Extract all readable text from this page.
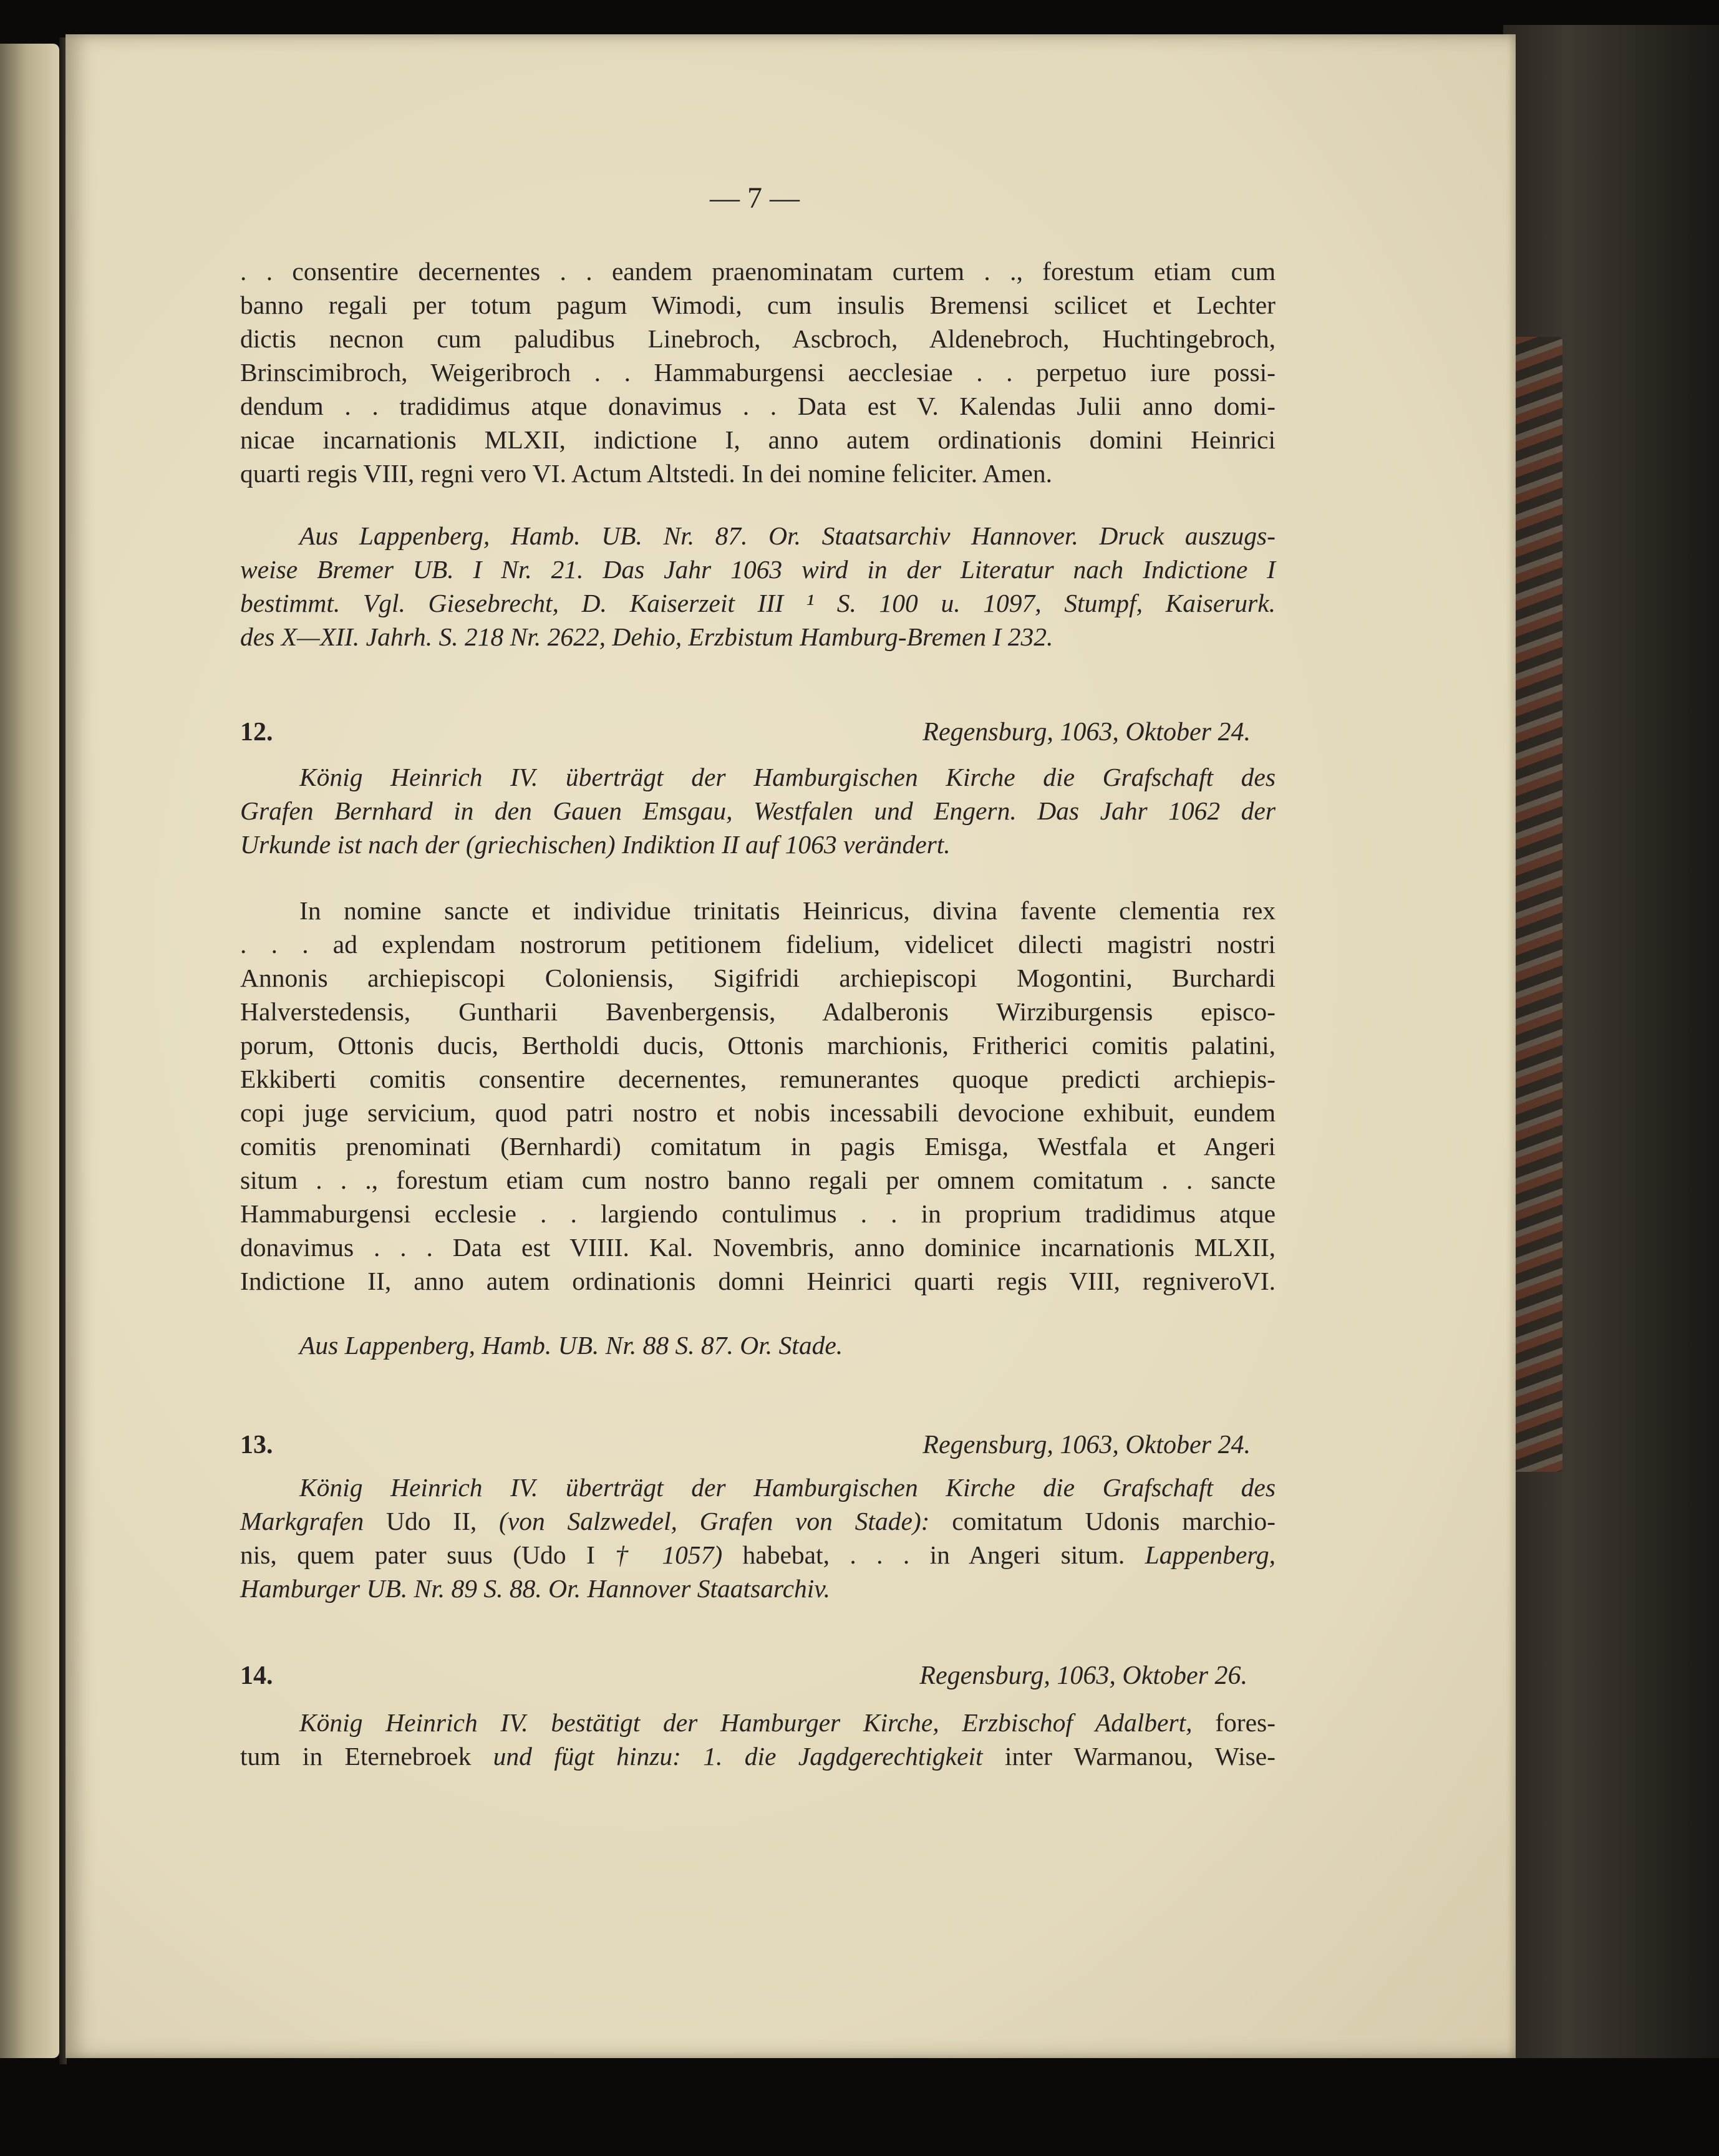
— 7 —

. . consentire decernentes . . eandem praenominatam curtem . ., forestum etiam cum
banno regali per totum pagum Wimodi, cum insulis Bremensi scilicet et Lechter
dictis necnon cum paludibus Linebroch, Ascbroch, Aldenebroch, Huchtingebroch,
Brinscimibroch, Weigeribroch . . Hammaburgensi aecclesiae . . perpetuo iure possi-
dendum . . tradidimus atque donavimus . . Data est V. Kalendas Julii anno domi-
nicae incarnationis MLXII, indictione I, anno autem ordinationis domini Heinrici
quarti regis VIII, regni vero VI. Actum Altstedi. In dei nomine feliciter. Amen.

Aus Lappenberg, Hamb. UB. Nr. 87. Or. Staatsarchiv Hannover. Druck auszugs-
weise Bremer UB. I Nr. 21. Das Jahr 1063 wird in der Literatur nach Indictione I
bestimmt. Vgl. Giesebrecht, D. Kaiserzeit III ¹ S. 100 u. 1097, Stumpf, Kaiserurk.
des X—XII. Jahrh. S. 218 Nr. 2622, Dehio, Erzbistum Hamburg-Bremen I 232.

12.	Regensburg, 1063, Oktober 24.

König Heinrich IV. überträgt der Hamburgischen Kirche die Grafschaft des
Grafen Bernhard in den Gauen Emsgau, Westfalen und Engern. Das Jahr 1062 der
Urkunde ist nach der (griechischen) Indiktion II auf 1063 verändert.

In nomine sancte et individue trinitatis Heinricus, divina favente clementia rex
. . . ad explendam nostrorum petitionem fidelium, videlicet dilecti magistri nostri
Annonis archiepiscopi Coloniensis, Sigifridi archiepiscopi Mogontini, Burchardi
Halverstedensis, Guntharii Bavenbergensis, Adalberonis Wirziburgensis episco-
porum, Ottonis ducis, Bertholdi ducis, Ottonis marchionis, Fritherici comitis palatini,
Ekkiberti comitis consentire decernentes, remunerantes quoque predicti archiepis-
copi juge servicium, quod patri nostro et nobis incessabili devocione exhibuit, eundem
comitis prenominati (Bernhardi) comitatum in pagis Emisga, Westfala et Angeri
situm . . ., forestum etiam cum nostro banno regali per omnem comitatum . . sancte
Hammaburgensi ecclesie . . largiendo contulimus . . in proprium tradidimus atque
donavimus . . . Data est VIIII. Kal. Novembris, anno dominice incarnationis MLXII,
Indictione II, anno autem ordinationis domni Heinrici quarti regis VIII, regniveroVI.

Aus Lappenberg, Hamb. UB. Nr. 88 S. 87. Or. Stade.

13.	Regensburg, 1063, Oktober 24.

König Heinrich IV. überträgt der Hamburgischen Kirche die Grafschaft des
Markgrafen Udo II, (von Salzwedel, Grafen von Stade): comitatum Udonis marchio-
nis, quem pater suus (Udo I † 1057) habebat, . . . in Angeri situm. Lappenberg,
Hamburger UB. Nr. 89 S. 88. Or. Hannover Staatsarchiv.

14.	Regensburg, 1063, Oktober 26.

König Heinrich IV. bestätigt der Hamburger Kirche, Erzbischof Adalbert, fores-
tum in Eternebroek und fügt hinzu: 1. die Jagdgerechtigkeit inter Warmanou, Wise-
